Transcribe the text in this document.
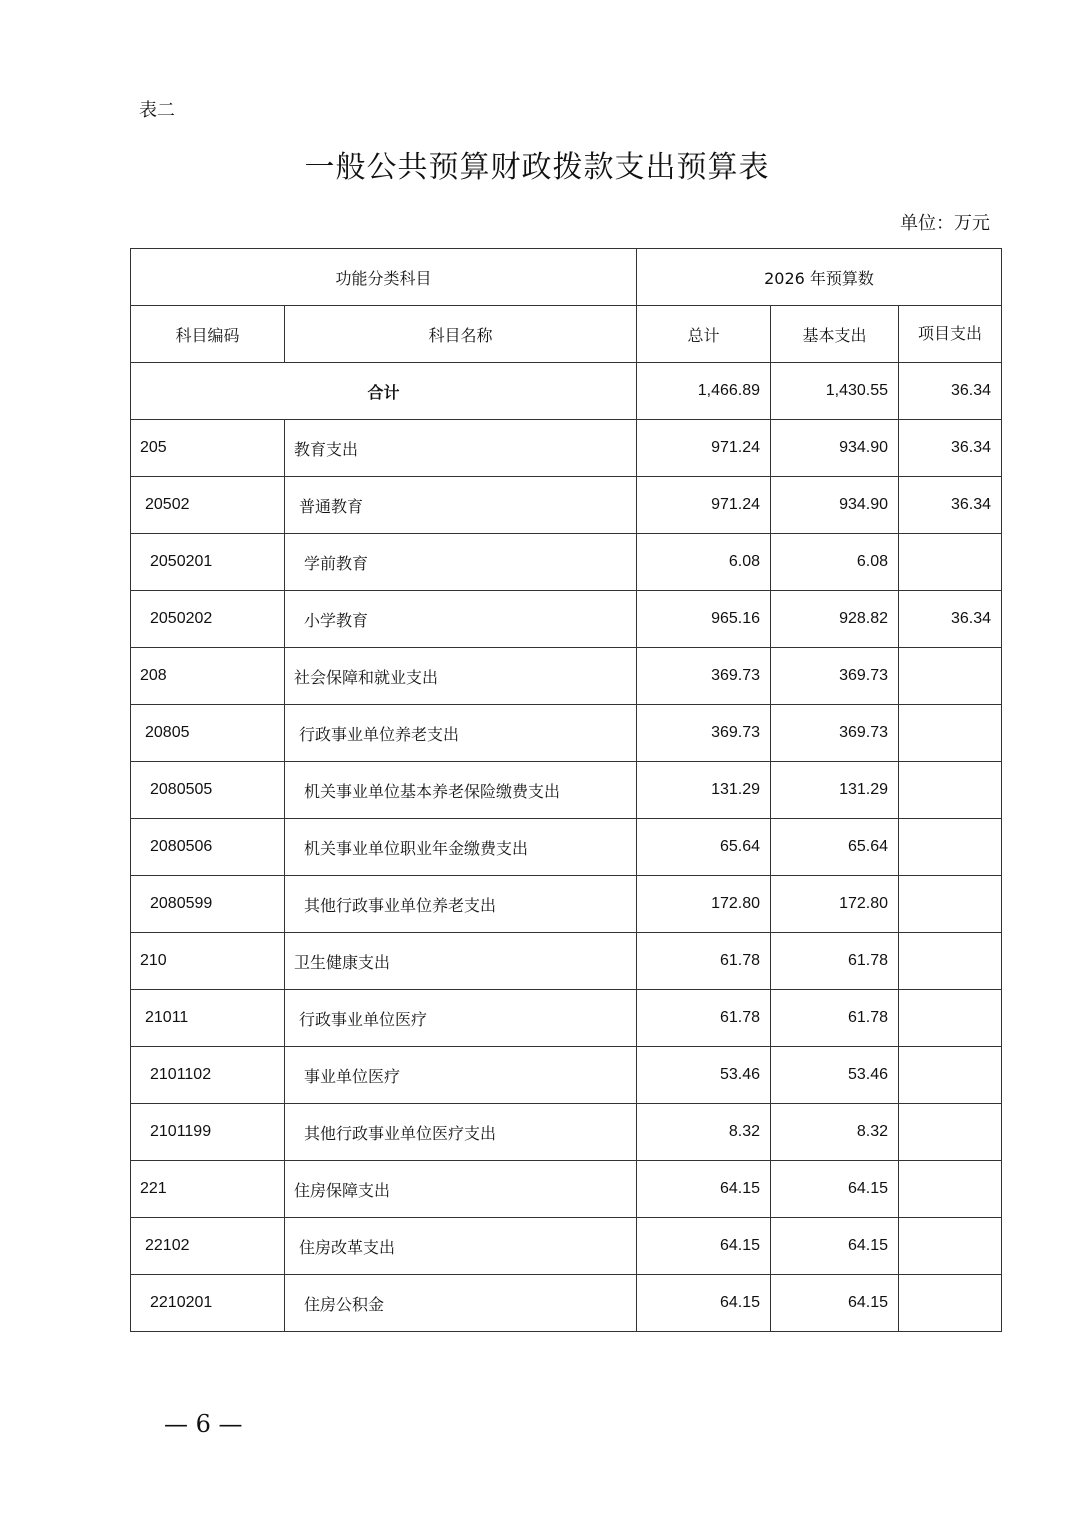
表二
一般公共预算财政拨款支出预算表
单位：万元
功能分类科目		2026 年预算数		
科目编码	科目名称	总计	基本支出	项目支出
合计		1,466.89	1,430.55	36.34
205	教育支出	971.24	934.90	36.34
20502	普通教育	971.24	934.90	36.34
2050201	学前教育	6.08	6.08	
2050202	小学教育	965.16	928.82	36.34
208	社会保障和就业支出	369.73	369.73	
20805	行政事业单位养老支出	369.73	369.73	
2080505	机关事业单位基本养老保险缴费支出	131.29	131.29	
2080506	机关事业单位职业年金缴费支出	65.64	65.64	
2080599	其他行政事业单位养老支出	172.80	172.80	
210	卫生健康支出	61.78	61.78	
21011	行政事业单位医疗	61.78	61.78	
2101102	事业单位医疗	53.46	53.46	
2101199	其他行政事业单位医疗支出	8.32	8.32	
221	住房保障支出	64.15	64.15	
22102	住房改革支出	64.15	64.15	
2210201	住房公积金	64.15	64.15	
— 6 —
